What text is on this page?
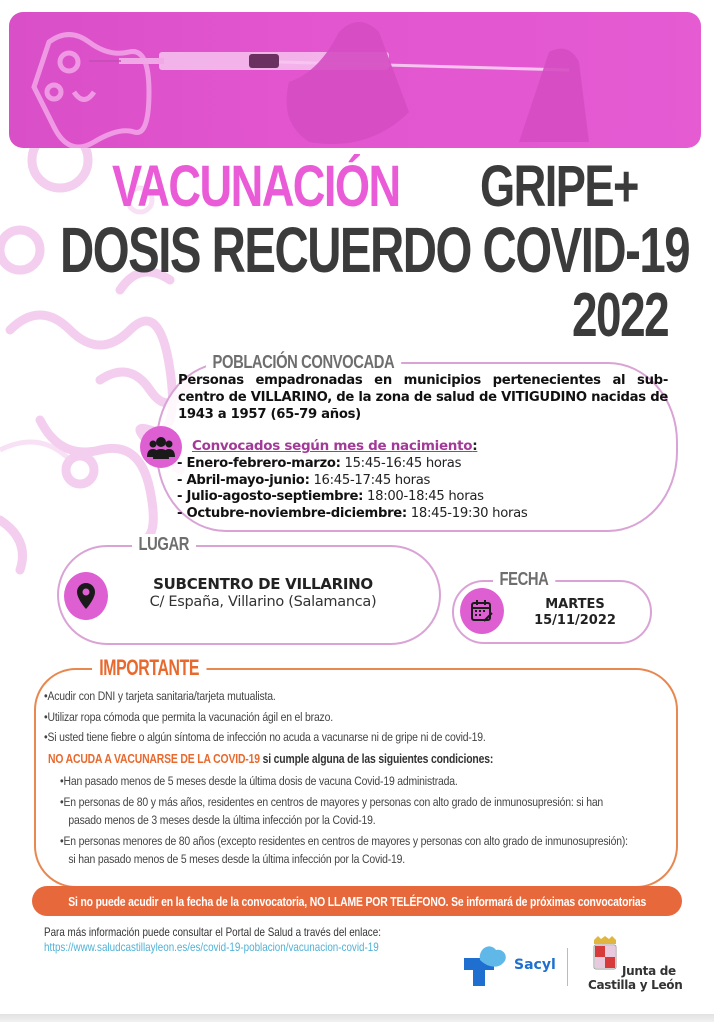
VACUNACIÓN GRIPE+
DOSIS RECUERDO COVID-19
2022
POBLACIÓN CONVOCADA
Personas empadronadas en municipios pertenecientes al sub-centro de VILLARINO, de la zona de salud de VITIGUDINO nacidas de 1943 a 1957 (65-79 años)
Convocados según mes de nacimiento:
- Enero-febrero-marzo: 15:45-16:45 horas
- Abril-mayo-junio: 16:45-17:45 horas
- Julio-agosto-septiembre: 18:00-18:45 horas
- Octubre-noviembre-diciembre: 18:45-19:30 horas
LUGAR
SUBCENTRO DE VILLARINO
C/ España, Villarino (Salamanca)
FECHA
MARTES
15/11/2022
IMPORTANTE
• Acudir con DNI y tarjeta sanitaria/tarjeta mutualista.
• Utilizar ropa cómoda que permita la vacunación ágil en el brazo.
• Si usted tiene fiebre o algún síntoma de infección no acuda a vacunarse ni de gripe ni de covid-19.
NO ACUDA A VACUNARSE DE LA COVID-19 si cumple alguna de las siguientes condiciones:
• Han pasado menos de 5 meses desde la última dosis de vacuna Covid-19 administrada.
• En personas de 80 y más años, residentes en centros de mayores y personas con alto grado de inmunosupresión: si han pasado menos de 3 meses desde la última infección por la Covid-19.
• En personas menores de 80 años (excepto residentes en centros de mayores y personas con alto grado de inmunosupresión): si han pasado menos de 5 meses desde la última infección por la Covid-19.
Si no puede acudir en la fecha de la convocatoria, NO LLAME POR TELÉFONO. Se informará de próximas convocatorias
Para más información puede consultar el Portal de Salud a través del enlace:
https://www.saludcastillayleon.es/es/covid-19-poblacion/vacunacion-covid-19
Sacyl	Junta de
Castilla y León
